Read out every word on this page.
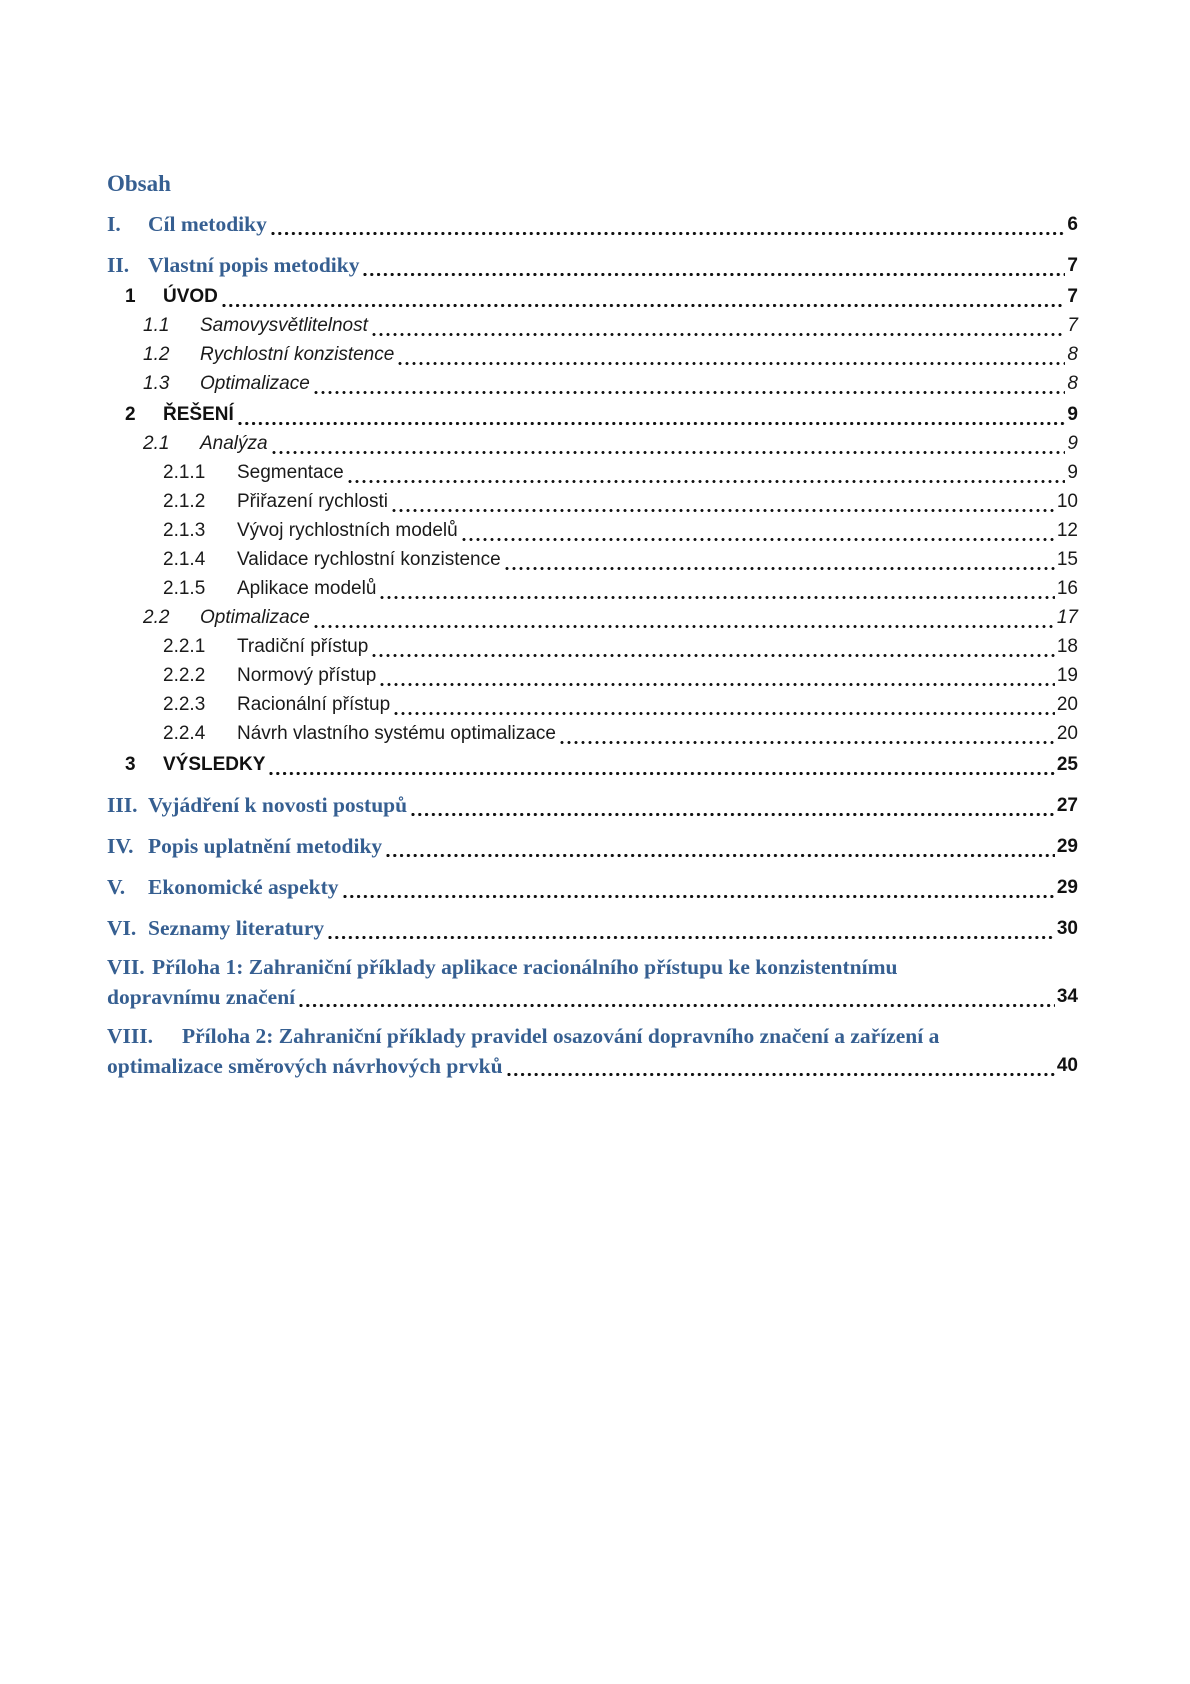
Obsah
I.	Cíl metodiky	6
II. Vlastní popis metodiky	7
1	ÚVOD	7
1.1	Samovysvětlitelnost	7
1.2	Rychlostní konzistence	8
1.3	Optimalizace	8
2	ŘEŠENÍ	9
2.1	Analýza	9
2.1.1	Segmentace	9
2.1.2	Přiřazení rychlosti	10
2.1.3	Vývoj rychlostních modelů	12
2.1.4	Validace rychlostní konzistence	15
2.1.5	Aplikace modelů	16
2.2	Optimalizace	17
2.2.1	Tradiční přístup	18
2.2.2	Normový přístup	19
2.2.3	Racionální přístup	20
2.2.4	Návrh vlastního systému optimalizace	20
3	VÝSLEDKY	25
III. Vyjádření k novosti postupů	27
IV. Popis uplatnění metodiky	29
V.	Ekonomické aspekty	29
VI. Seznamy literatury	30
VII. Příloha 1: Zahraniční příklady aplikace racionálního přístupu ke konzistentnímu
dopravnímu značení	34
VIII.	Příloha 2: Zahraniční příklady pravidel osazování dopravního značení a zařízení a
optimalizace směrových návrhových prvků	40
